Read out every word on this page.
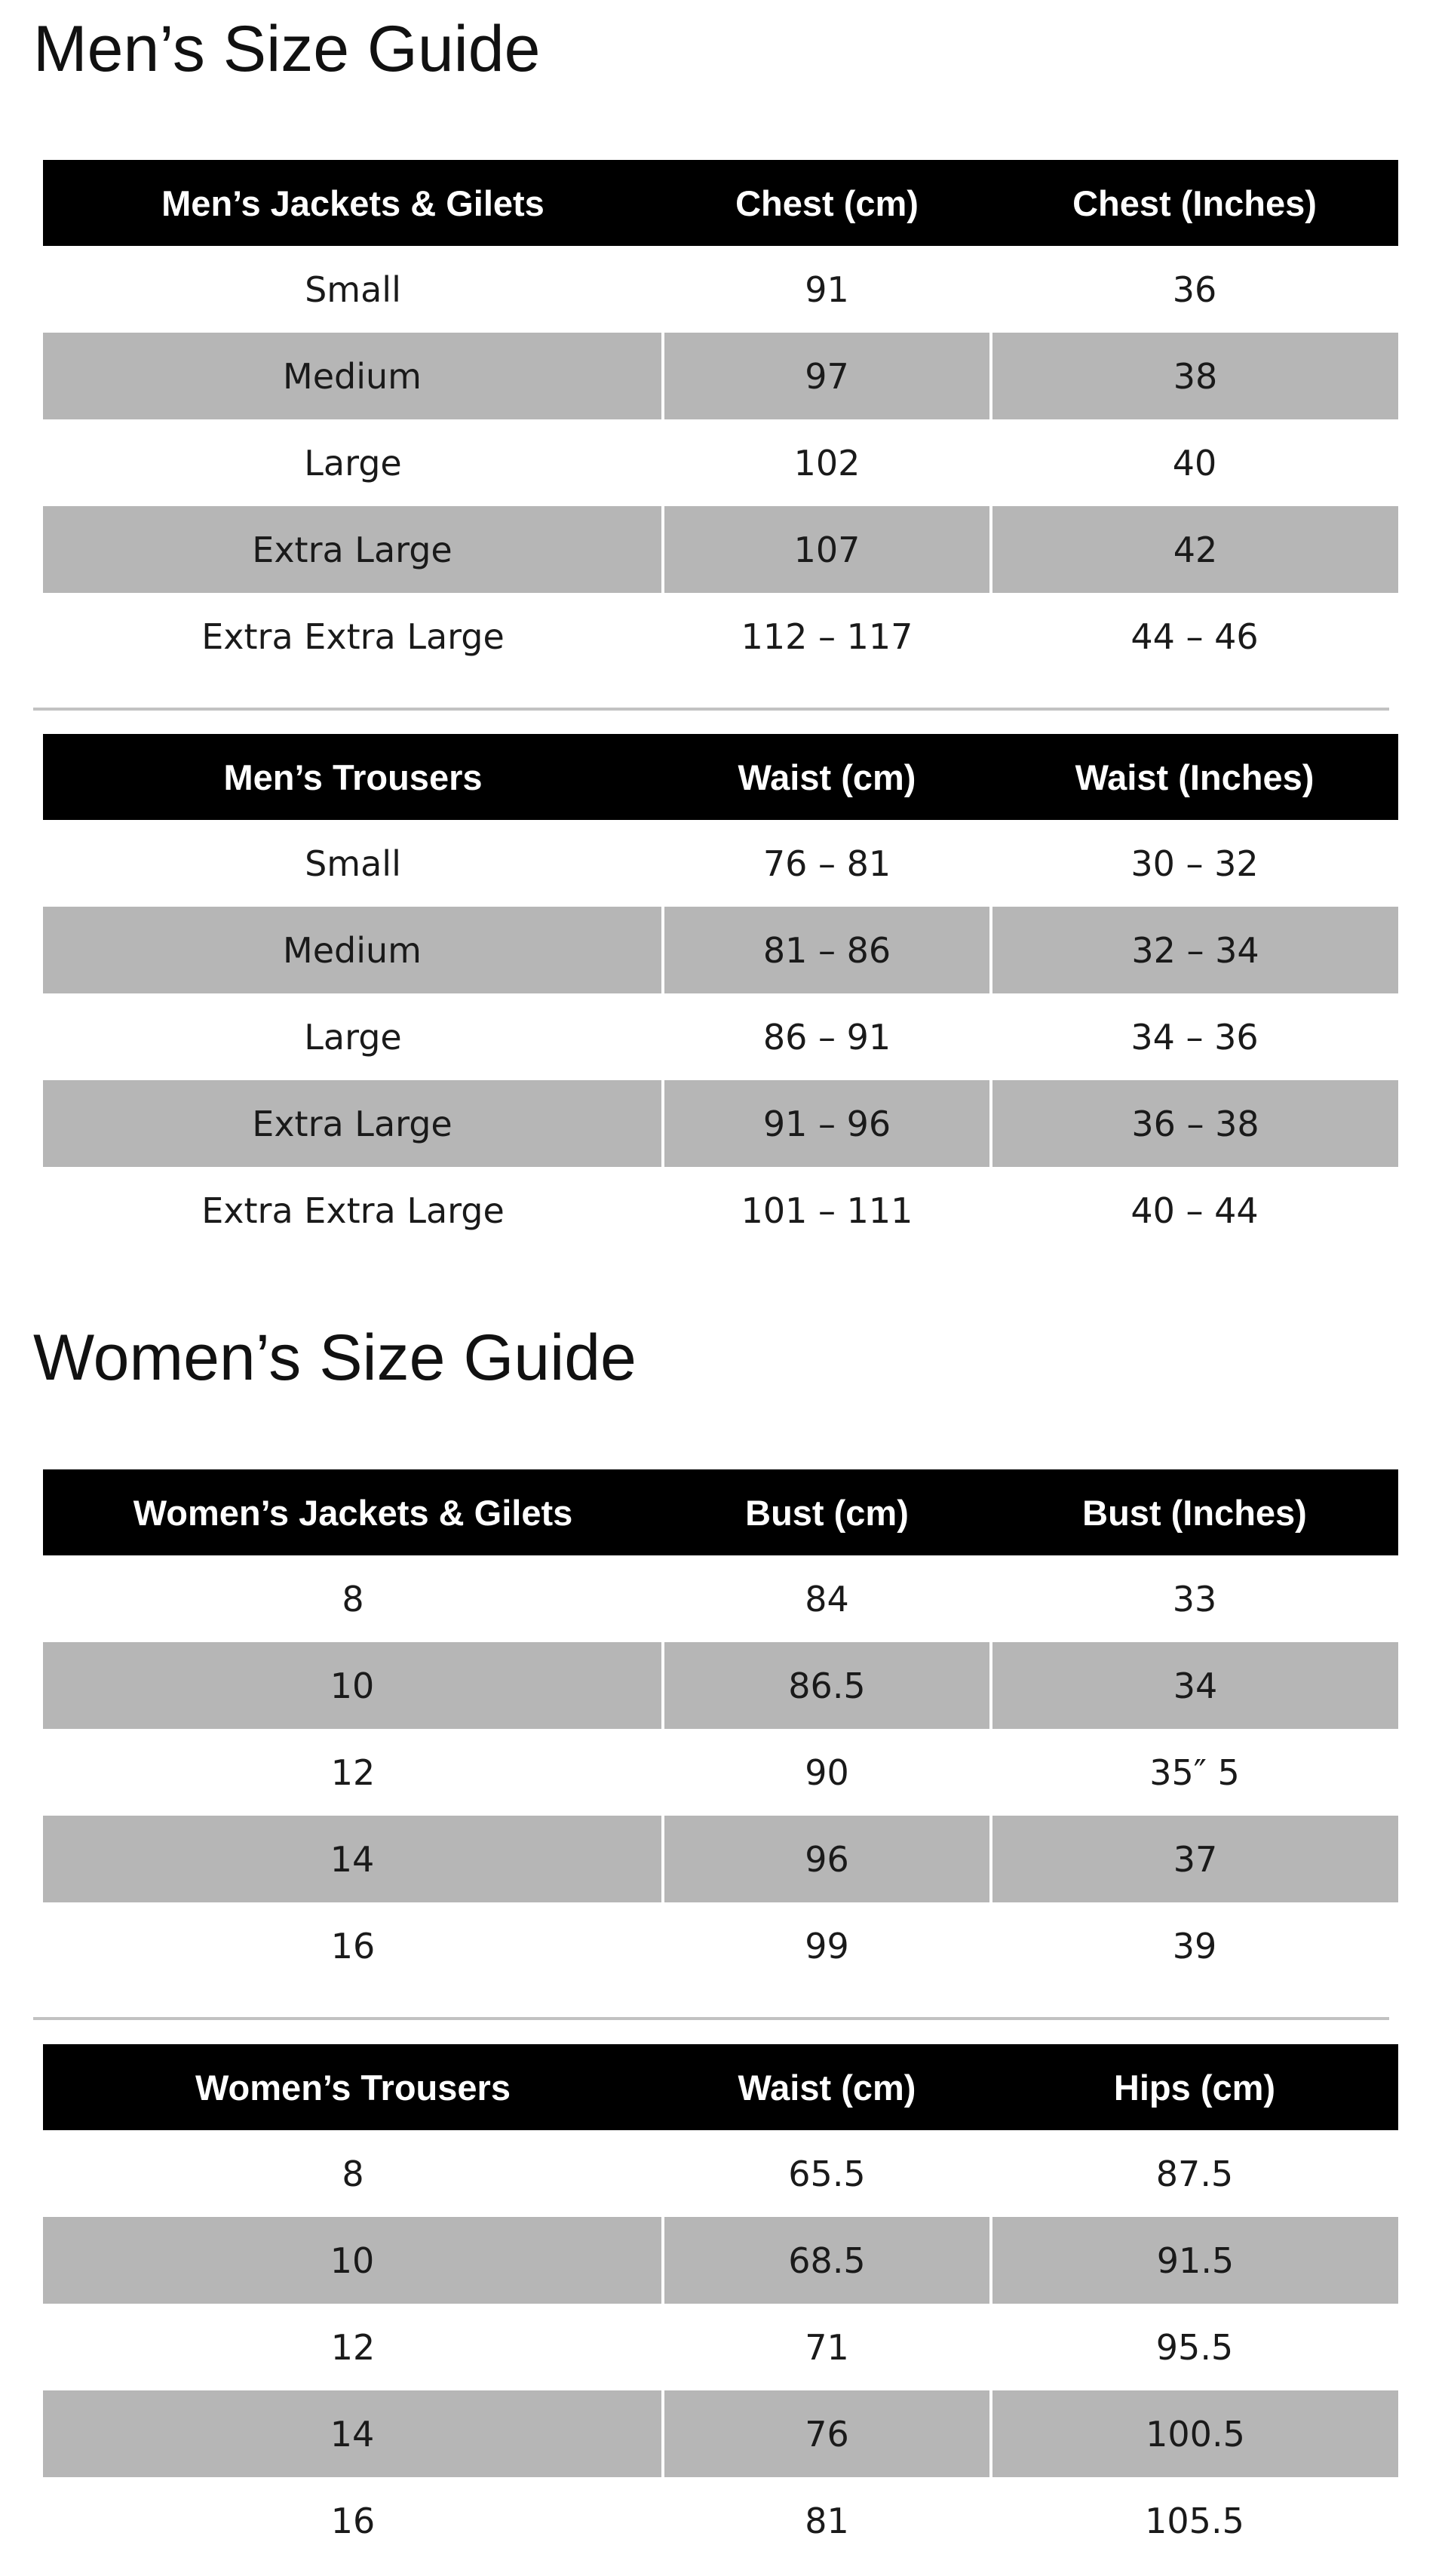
Men’s Size Guide
Men’s Jackets & Gilets	Chest (cm)	Chest (Inches)
Small	91	36
Medium	97	38
Large	102	40
Extra Large	107	42
Extra Extra Large	112 – 117	44 – 46
Men’s Trousers	Waist (cm)	Waist (Inches)
Small	76 – 81	30 – 32
Medium	81 – 86	32 – 34
Large	86 – 91	34 – 36
Extra Large	91 – 96	36 – 38
Extra Extra Large	101 – 111	40 – 44
Women’s Size Guide
Women’s Jackets & Gilets	Bust (cm)	Bust (Inches)
8	84	33
10	86.5	34
12	90	35″ 5
14	96	37
16	99	39
Women’s Trousers	Waist (cm)	Hips (cm)
8	65.5	87.5
10	68.5	91.5
12	71	95.5
14	76	100.5
16	81	105.5
